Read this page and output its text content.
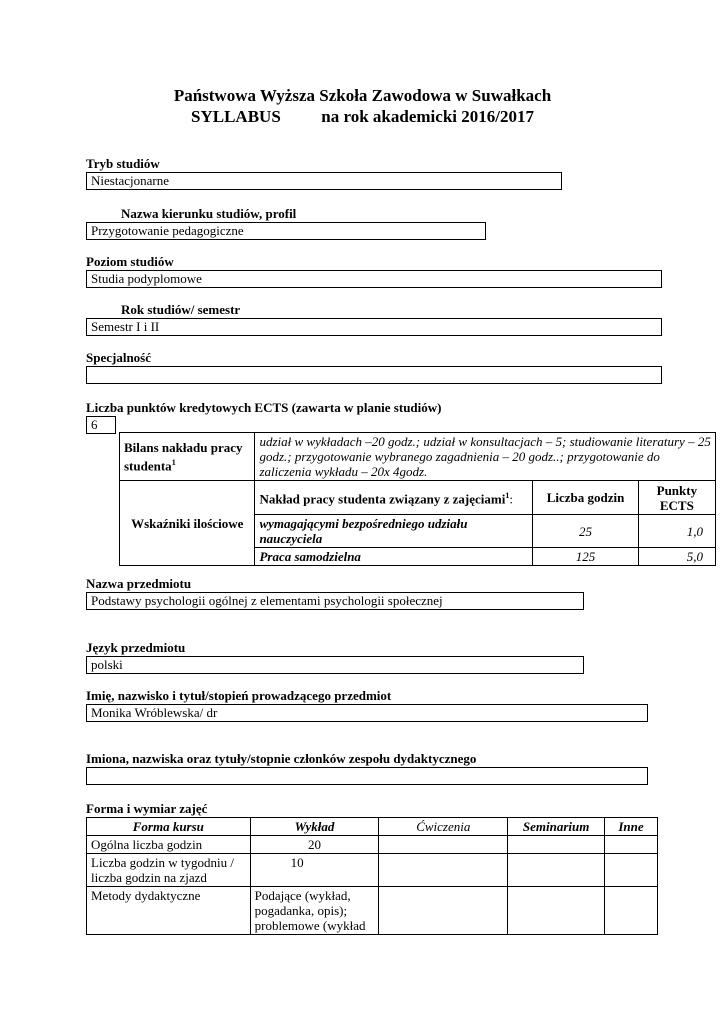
Państwowa Wyższa Szkoła Zawodowa w Suwałkach
SYLLABUS na rok akademicki 2016/2017
Tryb studiów
Niestacjonarne
Nazwa kierunku studiów, profil
Przygotowanie pedagogiczne
Poziom studiów
Studia podyplomowe
Rok studiów/ semestr
Semestr I i II
Specjalność
Liczba punktów kredytowych ECTS (zawarta w planie studiów)
6
Bilans nakładu pracy studenta$^1$	udział w wykładach –20 godz.; udział w konsultacjach – 5; studiowanie literatury – 25 godz.; przygotowanie wybranego zagadnienia – 20 godz..; przygotowanie do zaliczenia wykładu – 20x 4godz.		
Wskaźniki ilościowe	Nakład pracy studenta związany z zajęciami$^1$:	Liczba godzin	Punkty ECTS
	wymagającymi bezpośredniego udziału nauczyciela	25	1,0
	Praca samodzielna	125	5,0
Nazwa przedmiotu
Podstawy psychologii ogólnej z elementami psychologii społecznej
Język przedmiotu
polski
Imię, nazwisko i tytuł/stopień prowadzącego przedmiot
Monika Wróblewska/ dr
Imiona, nazwiska oraz tytuły/stopnie członków zespołu dydaktycznego
Forma i wymiar zajęć
Forma kursu	Wykład	Ćwiczenia	Seminarium	Inne
Ogólna liczba godzin	20			
Liczba godzin w tygodniu / liczba godzin na zjazd	10			
Metody dydaktyczne	Podające (wykład, pogadanka, opis); problemowe (wykład			
